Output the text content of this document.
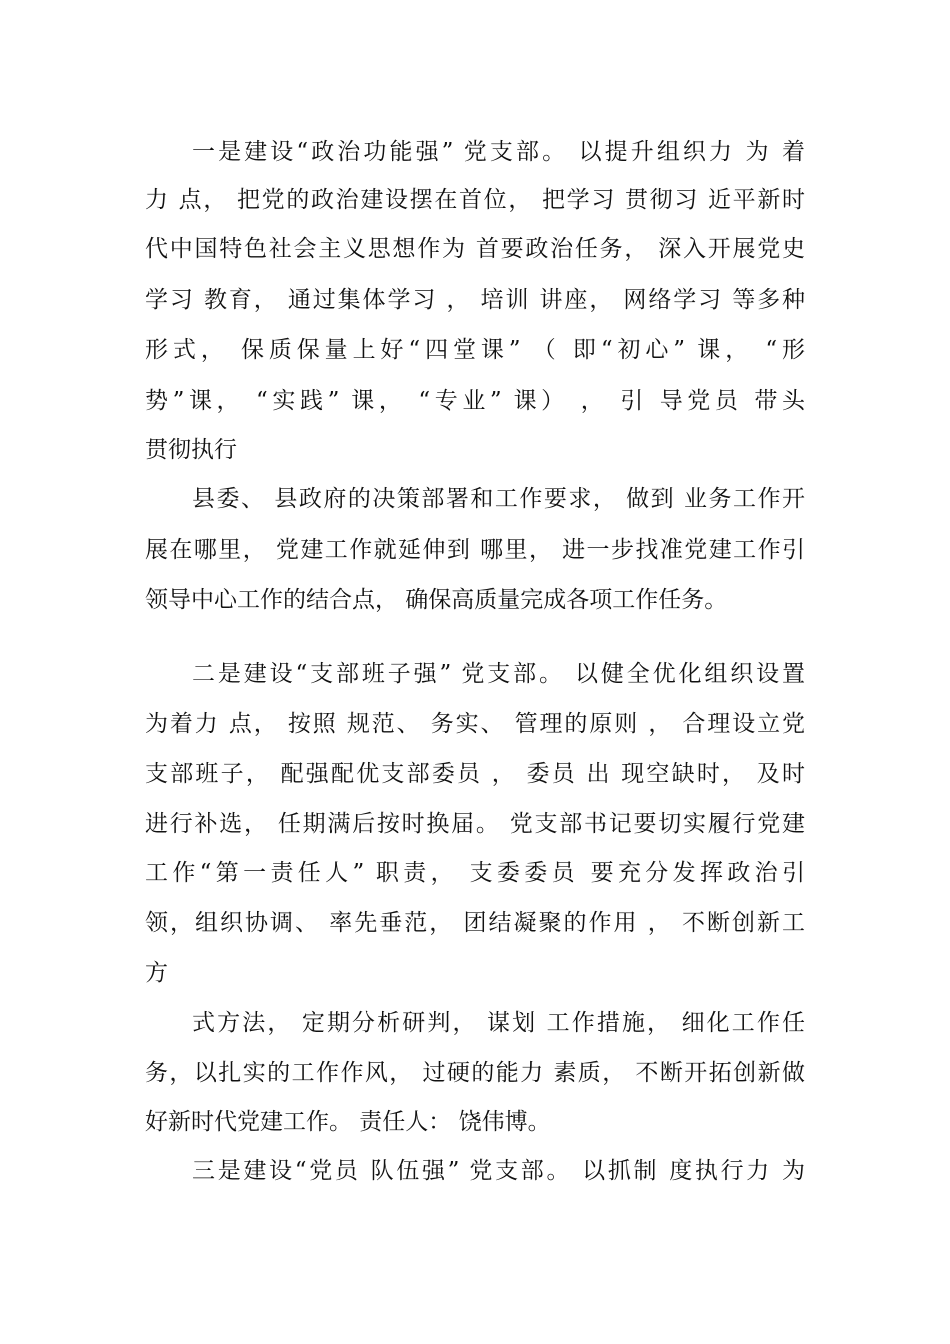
一是建设“政治功能强” 党支部。 以提升组织力 为 着
力 点， 把党的政治建设摆在首位， 把学习 贯彻习 近平新时
代中国特色社会主义思想作为 首要政治任务， 深入开展党史
学习 教育， 通过集体学习 ， 培训 讲座， 网络学习 等多种
形式， 保质保量上好“四堂课” （ 即“初心” 课， “形
势”课， “实践” 课， “专业” 课） ， 引 导党员 带头
贯彻执行
县委、 县政府的决策部署和工作要求， 做到 业务工作开
展在哪里， 党建工作就延伸到 哪里， 进一步找准党建工作引
领导中心工作的结合点， 确保高质量完成各项工作任务。
二是建设“支部班子强” 党支部。 以健全优化组织设置
为着力 点， 按照 规范、 务实、 管理的原则 ， 合理设立党
支部班子， 配强配优支部委员 ， 委员 出 现空缺时， 及时
进行补选， 任期满后按时换届。 党支部书记要切实履行党建
工作“第一责任人” 职责， 支委委员 要充分发挥政治引
领，组织协调、 率先垂范， 团结凝聚的作用 ， 不断创新工
方
式方法， 定期分析研判， 谋划 工作措施， 细化工作任
务，以扎实的工作作风， 过硬的能力 素质， 不断开拓创新做
好新时代党建工作。 责任人： 饶伟博。
三是建设“党员 队伍强” 党支部。 以抓制 度执行力 为
